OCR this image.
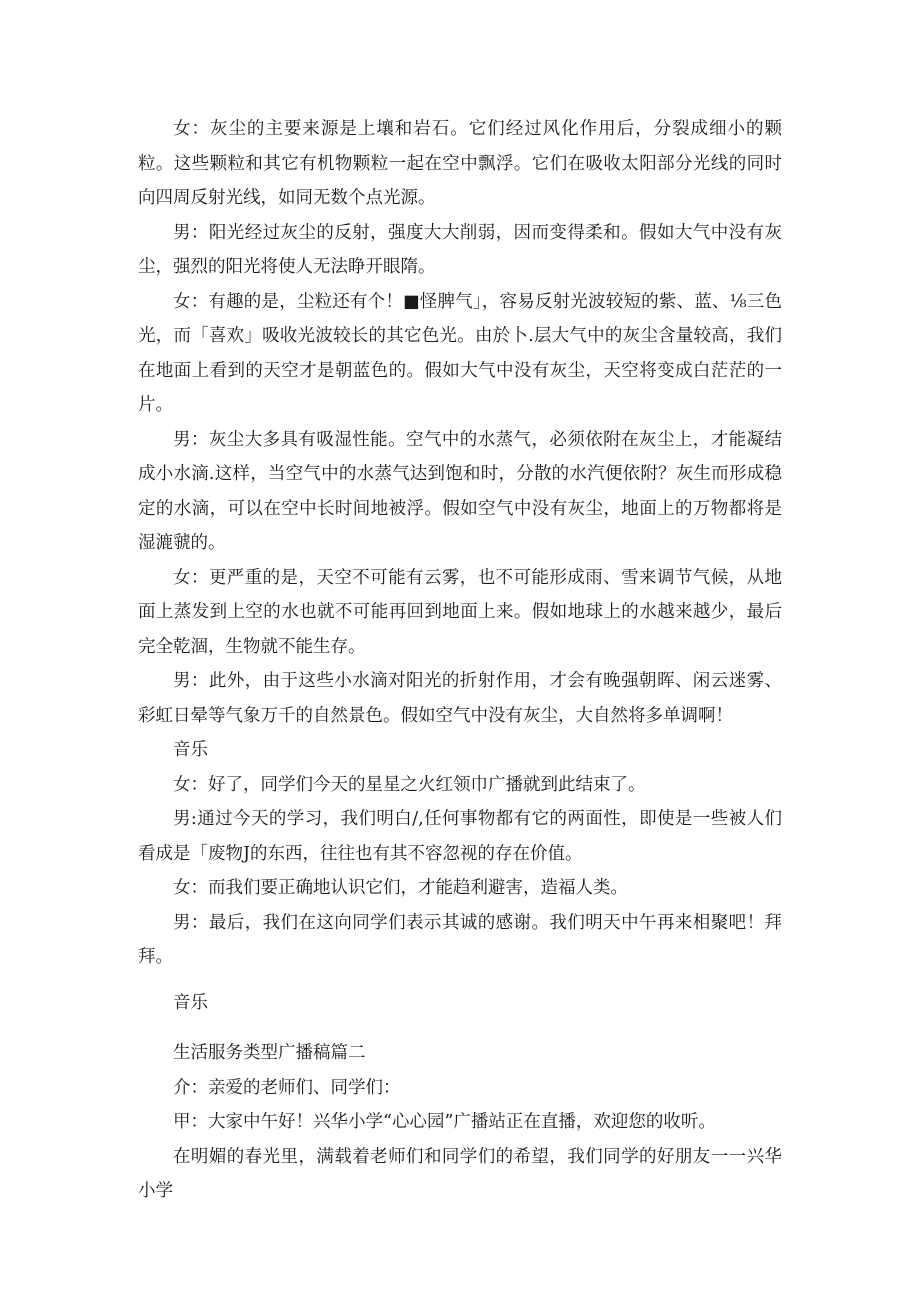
女：灰尘的主要来源是上壤和岩石。它们经过风化作用后，分裂成细小的颗粒。这些颗粒和其它有机物颗粒一起在空中飘浮。它们在吸收太阳部分光线的同时向四周反射光线，如同无数个点光源。

男：阳光经过灰尘的反射，强度大大削弱，因而变得柔和。假如大气中没有灰尘，强烈的阳光将使人无法睁开眼隋。

女：有趣的是，尘粒还有个！■怪脾气」，容易反射光波较短的紫、蓝、⅛三色光，而「喜欢」吸收光波较长的其它色光。由於卜.层大气中的灰尘含量较高，我们在地面上看到的天空才是朝蓝色的。假如大气中没有灰尘，天空将变成白茫茫的一片。

男：灰尘大多具有吸湿性能。空气中的水蒸气，必须依附在灰尘上，才能凝结成小水滴.这样，当空气中的水蒸气达到饱和时，分散的水汽便依附？灰生而形成稳定的水滴，可以在空中长时间地被浮。假如空气中没有灰尘，地面上的万物都将是湿漉虢的。

女：更严重的是，天空不可能有云雾，也不可能形成雨、雪来调节气候，从地面上蒸发到上空的水也就不可能再回到地面上来。假如地球上的水越来越少，最后完全乾涸，生物就不能生存。

男：此外，由于这些小水滴对阳光的折射作用，才会有晚强朝晖、闲云迷雾、彩虹日晕等气象万千的自然景色。假如空气中没有灰尘，大自然将多单调啊！

音乐

女：好了，同学们今天的星星之火红领巾广播就到此结束了。

男:通过今天的学习，我们明白/,任何事物都有它的两面性，即使是一些被人们看成是「废物J的东西，往往也有其不容忽视的存在价值。

女：而我们要正确地认识它们，才能趋利避害，造福人类。

男：最后，我们在这向同学们表示其诚的感谢。我们明天中午再来相聚吧！拜拜。

音乐

生活服务类型广播稿篇二

介：亲爱的老师们、同学们：

甲：大家中午好！兴华小学“心心园”广播站正在直播，欢迎您的收听。

在明媚的春光里，满载着老师们和同学们的希望，我们同学的好朋友一一兴华小学
